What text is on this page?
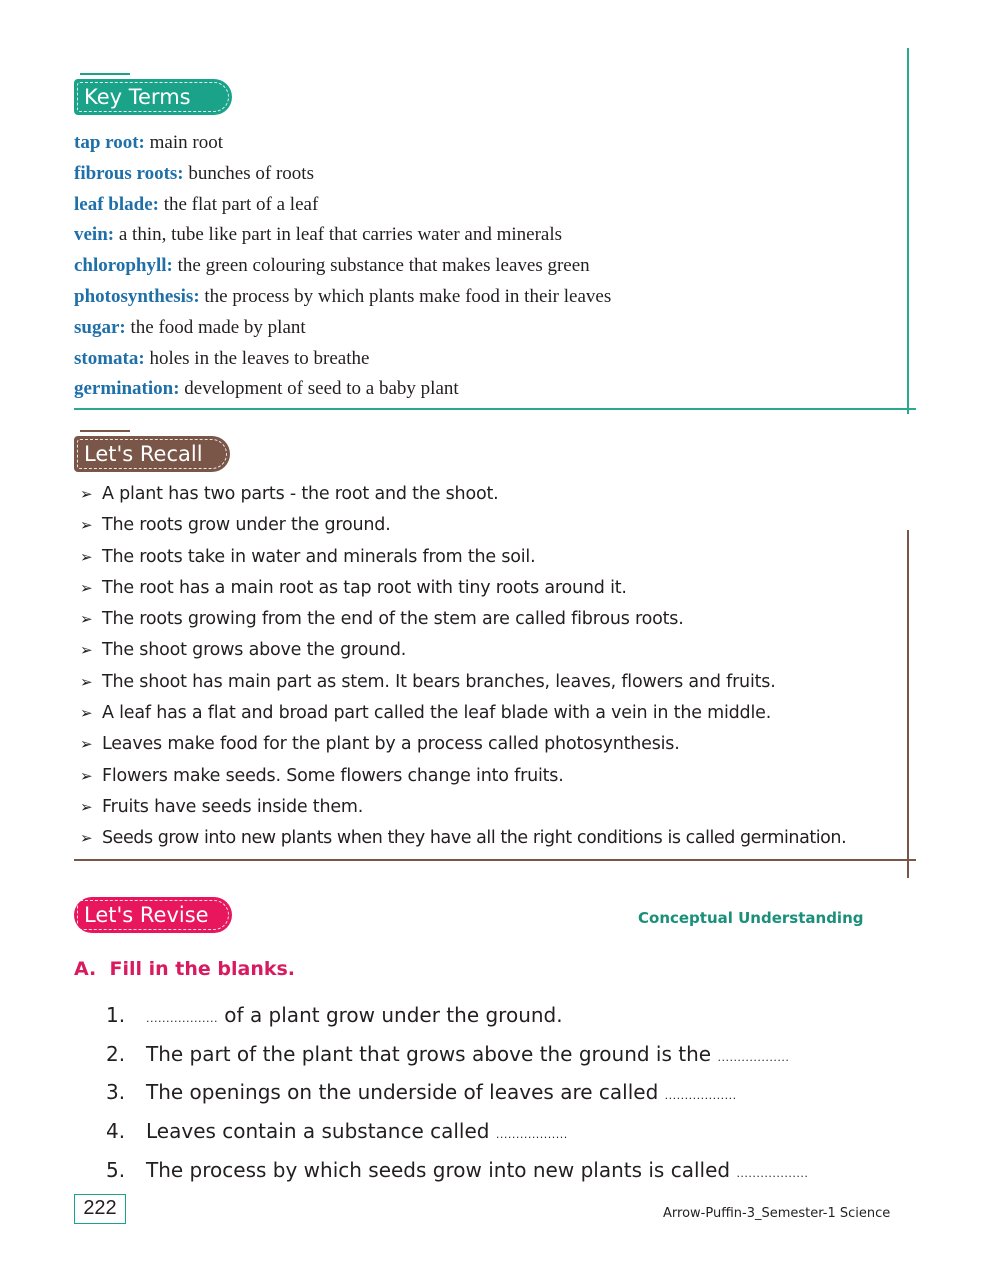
Key Terms
tap root: main root
fibrous roots: bunches of roots
leaf blade: the flat part of a leaf
vein: a thin, tube like part in leaf that carries water and minerals
chlorophyll: the green colouring substance that makes leaves green
photosynthesis: the process by which plants make food in their leaves
sugar: the food made by plant
stomata: holes in the leaves to breathe
germination: development of seed to a baby plant
Let's Recall
➢ A plant has two parts - the root and the shoot.
➢ The roots grow under the ground.
➢ The roots take in water and minerals from the soil.
➢ The root has a main root as tap root with tiny roots around it.
➢ The roots growing from the end of the stem are called fibrous roots.
➢ The shoot grows above the ground.
➢ The shoot has main part as stem. It bears branches, leaves, flowers and fruits.
➢ A leaf has a flat and broad part called the leaf blade with a vein in the middle.
➢ Leaves make food for the plant by a process called photosynthesis.
➢ Flowers make seeds. Some flowers change into fruits.
➢ Fruits have seeds inside them.
➢ Seeds grow into new plants when they have all the right conditions is called germination.
Let's Revise	Conceptual Understanding
A.  Fill in the blanks.
1. .................. of a plant grow under the ground.
2. The part of the plant that grows above the ground is the ..................
3. The openings on the underside of leaves are called ..................
4. Leaves contain a substance called ..................
5. The process by which seeds grow into new plants is called ..................
222	Arrow-Puffin-3_Semester-1 Science
